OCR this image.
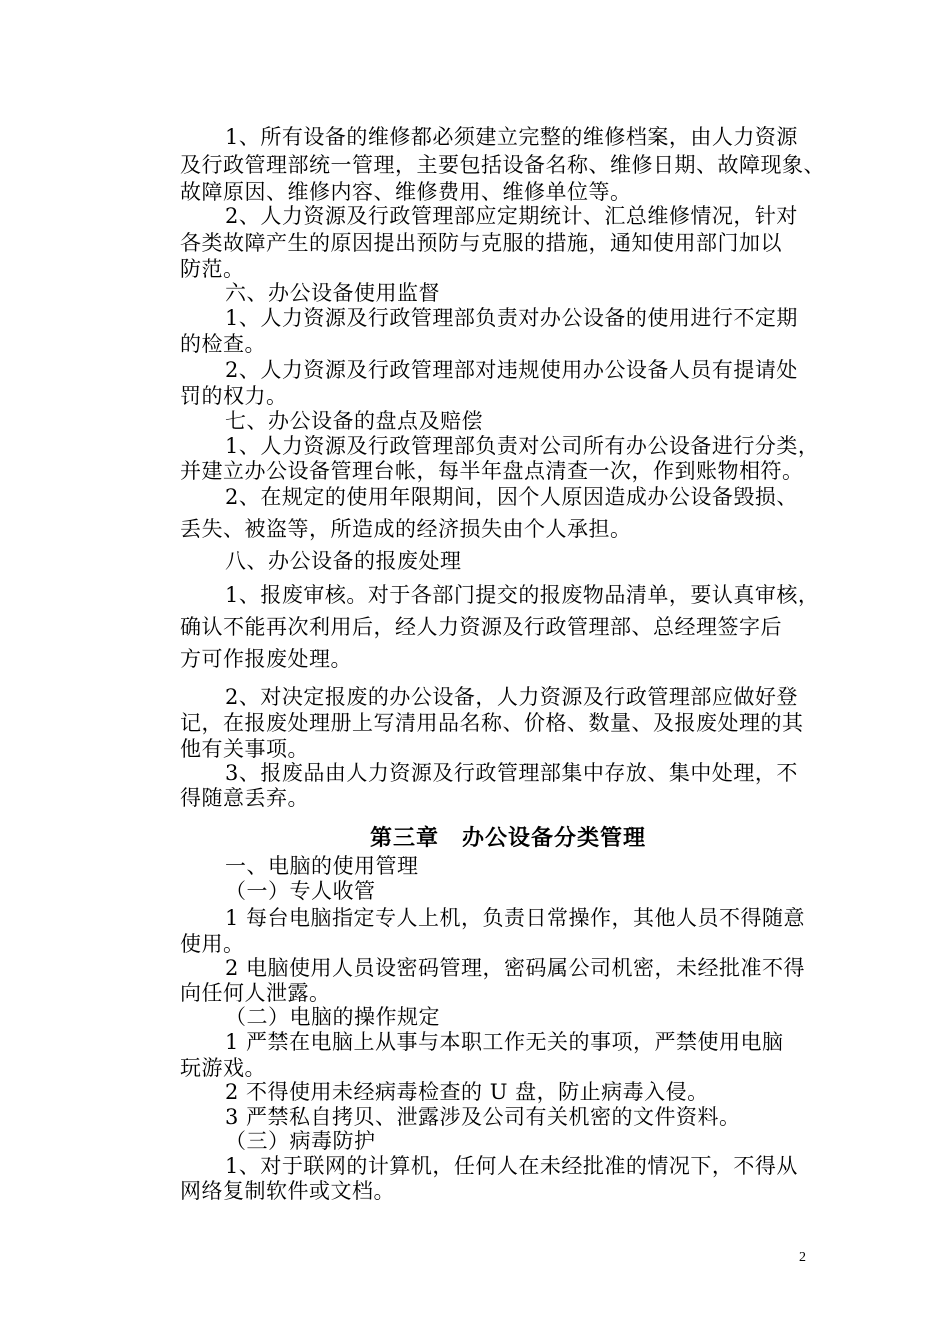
1、所有设备的维修都必须建立完整的维修档案，由人力资源
及行政管理部统一管理，主要包括设备名称、维修日期、故障现象、
故障原因、维修内容、维修费用、维修单位等。
2、人力资源及行政管理部应定期统计、汇总维修情况，针对
各类故障产生的原因提出预防与克服的措施，通知使用部门加以
防范。
六、办公设备使用监督
1、人力资源及行政管理部负责对办公设备的使用进行不定期
的检查。
2、人力资源及行政管理部对违规使用办公设备人员有提请处
罚的权力。
七、办公设备的盘点及赔偿
1、人力资源及行政管理部负责对公司所有办公设备进行分类，
并建立办公设备管理台帐，每半年盘点清查一次，作到账物相符。
2、在规定的使用年限期间，因个人原因造成办公设备毁损、
丢失、被盗等，所造成的经济损失由个人承担。
八、办公设备的报废处理
1、报废审核。对于各部门提交的报废物品清单，要认真审核，
确认不能再次利用后，经人力资源及行政管理部、总经理签字后
方可作报废处理。
2、对决定报废的办公设备，人力资源及行政管理部应做好登
记，在报废处理册上写清用品名称、价格、数量、及报废处理的其
他有关事项。
3、报废品由人力资源及行政管理部集中存放、集中处理，不
得随意丢弃。
第三章　办公设备分类管理
一、电脑的使用管理
（一）专人收管
1 每台电脑指定专人上机，负责日常操作，其他人员不得随意
使用。
2 电脑使用人员设密码管理，密码属公司机密，未经批准不得
向任何人泄露。
（二）电脑的操作规定
1 严禁在电脑上从事与本职工作无关的事项，严禁使用电脑
玩游戏。
2 不得使用未经病毒检查的 U 盘，防止病毒入侵。
3 严禁私自拷贝、泄露涉及公司有关机密的文件资料。
（三）病毒防护
1、对于联网的计算机，任何人在未经批准的情况下，不得从
网络复制软件或文档。
2
